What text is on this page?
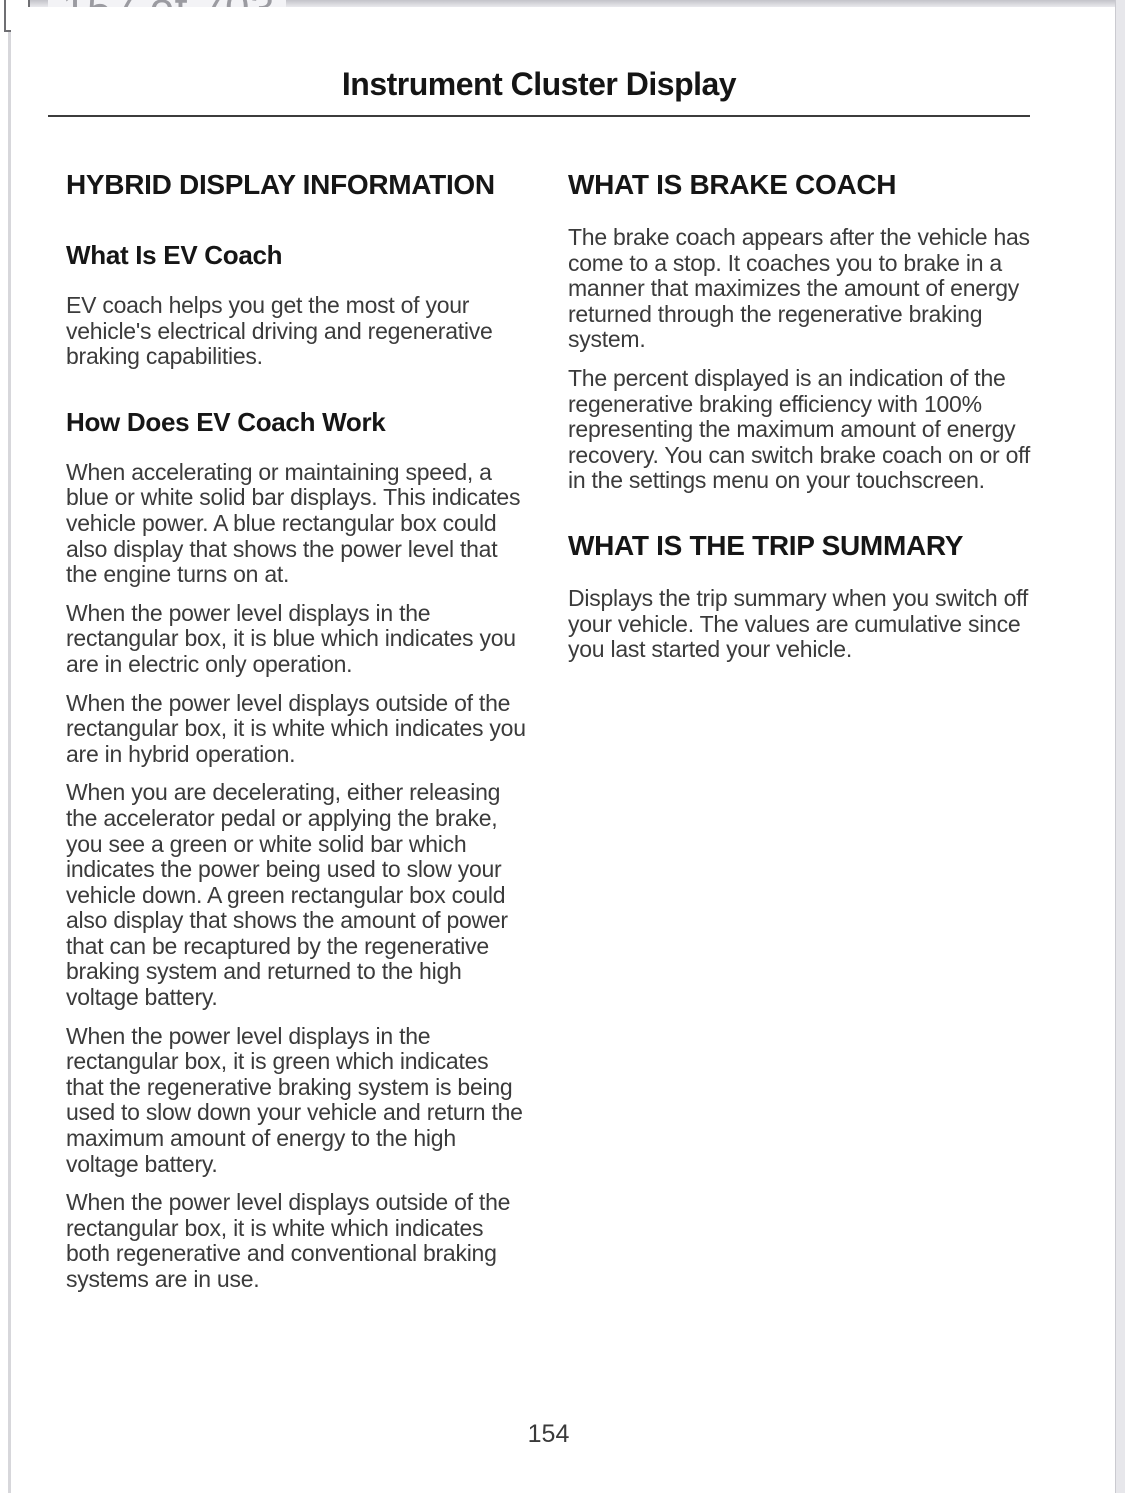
Instrument Cluster Display
HYBRID DISPLAY INFORMATION
What Is EV Coach

EV coach helps you get the most of your vehicle's electrical driving and regenerative braking capabilities.

How Does EV Coach Work

When accelerating or maintaining speed, a blue or white solid bar displays. This indicates vehicle power. A blue rectangular box could also display that shows the power level that the engine turns on at.

When the power level displays in the rectangular box, it is blue which indicates you are in electric only operation.

When the power level displays outside of the rectangular box, it is white which indicates you are in hybrid operation.

When you are decelerating, either releasing the accelerator pedal or applying the brake, you see a green or white solid bar which indicates the power being used to slow your vehicle down. A green rectangular box could also display that shows the amount of power that can be recaptured by the regenerative braking system and returned to the high voltage battery.

When the power level displays in the rectangular box, it is green which indicates that the regenerative braking system is being used to slow down your vehicle and return the maximum amount of energy to the high voltage battery.

When the power level displays outside of the rectangular box, it is white which indicates both regenerative and conventional braking systems are in use.

WHAT IS BRAKE COACH

The brake coach appears after the vehicle has come to a stop. It coaches you to brake in a manner that maximizes the amount of energy returned through the regenerative braking system.

The percent displayed is an indication of the regenerative braking efficiency with 100% representing the maximum amount of energy recovery. You can switch brake coach on or off in the settings menu on your touchscreen.

WHAT IS THE TRIP SUMMARY

Displays the trip summary when you switch off your vehicle. The values are cumulative since you last started your vehicle.

154
